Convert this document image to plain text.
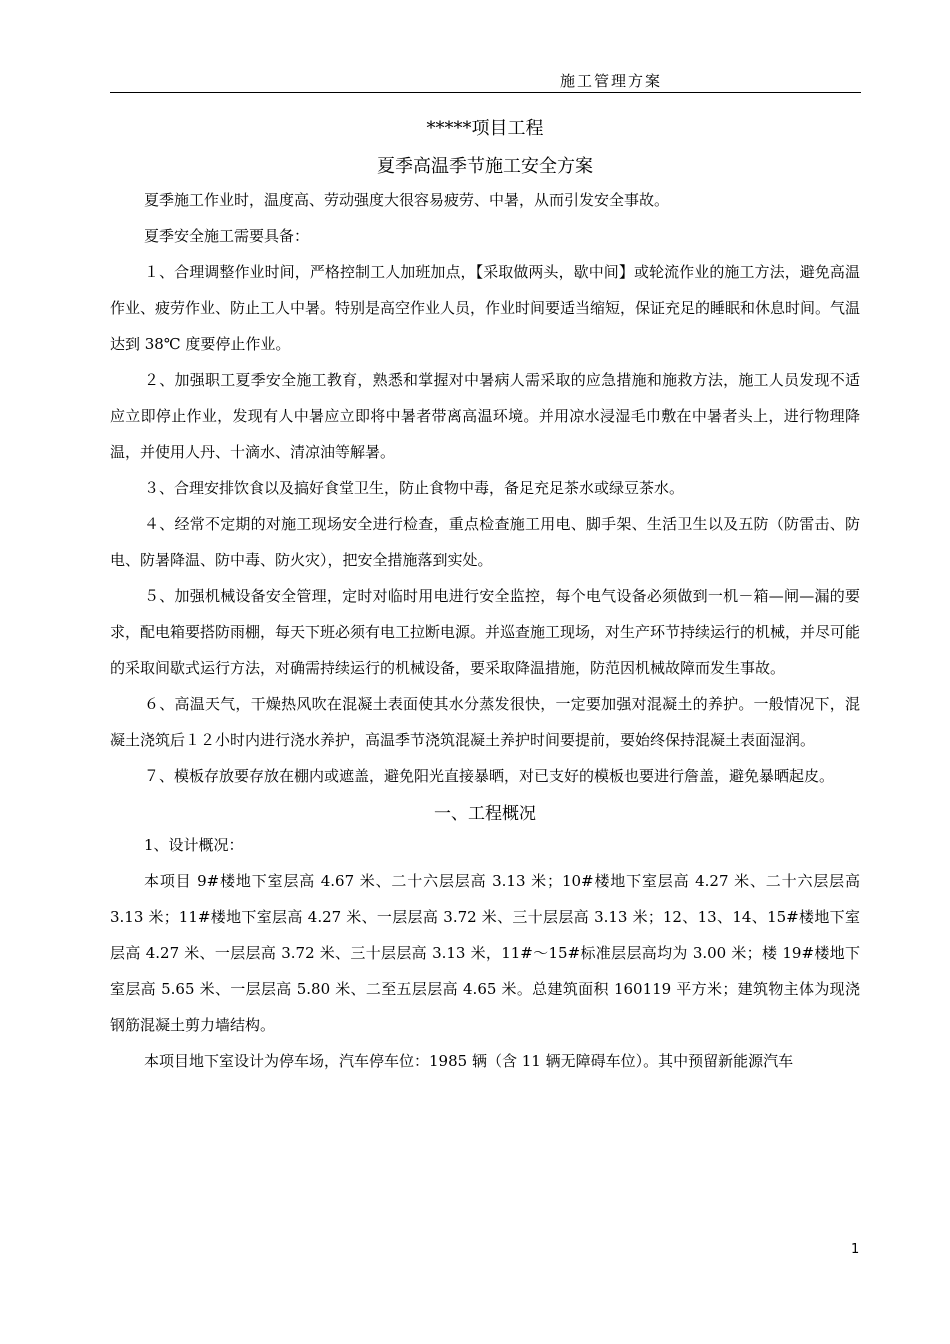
施工管理方案
*****项目工程
夏季高温季节施工安全方案

夏季施工作业时，温度高、劳动强度大很容易疲劳、中暑，从而引发安全事故。

夏季安全施工需要具备：

１、合理调整作业时间，严格控制工人加班加点，【采取做两头，歇中间】或轮流作业的施工方法，避免高温作业、疲劳作业、防止工人中暑。特别是高空作业人员，作业时间要适当缩短，保证充足的睡眠和休息时间。气温达到 38℃ 度要停止作业。

２、加强职工夏季安全施工教育，熟悉和掌握对中暑病人需采取的应急措施和施救方法，施工人员发现不适应立即停止作业，发现有人中暑应立即将中暑者带离高温环境。并用凉水浸湿毛巾敷在中暑者头上，进行物理降温，并使用人丹、十滴水、清凉油等解暑。

３、合理安排饮食以及搞好食堂卫生，防止食物中毒，备足充足茶水或绿豆茶水。

４、经常不定期的对施工现场安全进行检查，重点检查施工用电、脚手架、生活卫生以及五防（防雷击、防电、防暑降温、防中毒、防火灾），把安全措施落到实处。

５、加强机械设备安全管理，定时对临时用电进行安全监控，每个电气设备必须做到一机－箱—闸—漏的要求，配电箱要搭防雨棚，每天下班必须有电工拉断电源。并巡查施工现场，对生产环节持续运行的机械，并尽可能的采取间歇式运行方法，对确需持续运行的机械设备，要采取降温措施，防范因机械故障而发生事故。

６、高温天气，干燥热风吹在混凝土表面使其水分蒸发很快，一定要加强对混凝土的养护。一般情况下，混凝土浇筑后１２小时内进行浇水养护，高温季节浇筑混凝土养护时间要提前，要始终保持混凝土表面湿润。

７、模板存放要存放在棚内或遮盖，避免阳光直接暴晒，对已支好的模板也要进行詹盖，避免暴晒起皮。

一、工程概况

1、设计概况：

本项目 9#楼地下室层高 4.67 米、二十六层层高 3.13 米；10#楼地下室层高 4.27 米、二十六层层高 3.13 米；11#楼地下室层高 4.27 米、一层层高 3.72 米、三十层层高 3.13 米；12、13、14、15#楼地下室层高 4.27 米、一层层高 3.72 米、三十层层高 3.13 米，11#～15#标准层层高均为 3.00 米；楼 19#楼地下室层高 5.65 米、一层层高 5.80 米、二至五层层高 4.65 米。总建筑面积 160119 平方米；建筑物主体为现浇钢筋混凝土剪力墙结构。

本项目地下室设计为停车场，汽车停车位：1985 辆（含 11 辆无障碍车位）。其中预留新能源汽车

1
